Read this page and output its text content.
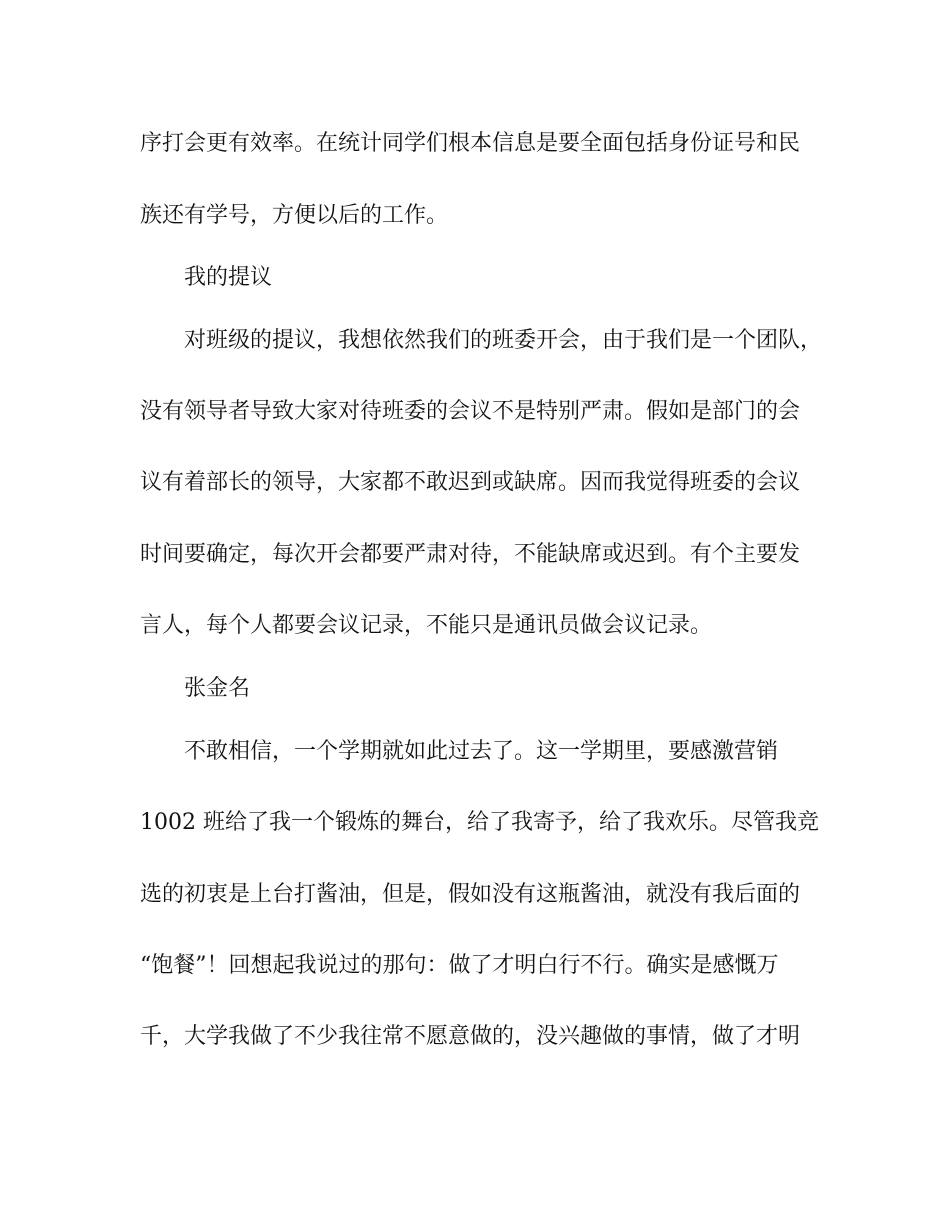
序打会更有效率。在统计同学们根本信息是要全面包括身份证号和民
族还有学号，方便以后的工作。
我的提议
对班级的提议，我想依然我们的班委开会，由于我们是一个团队，
没有领导者导致大家对待班委的会议不是特别严肃。假如是部门的会
议有着部长的领导，大家都不敢迟到或缺席。因而我觉得班委的会议
时间要确定，每次开会都要严肃对待，不能缺席或迟到。有个主要发
言人，每个人都要会议记录，不能只是通讯员做会议记录。
张金名
不敢相信，一个学期就如此过去了。这一学期里，要感激营销
1002 班给了我一个锻炼的舞台，给了我寄予，给了我欢乐。尽管我竞
选的初衷是上台打酱油，但是，假如没有这瓶酱油，就没有我后面的
“饱餐”！回想起我说过的那句：做了才明白行不行。确实是感慨万
千，大学我做了不少我往常不愿意做的，没兴趣做的事情，做了才明
